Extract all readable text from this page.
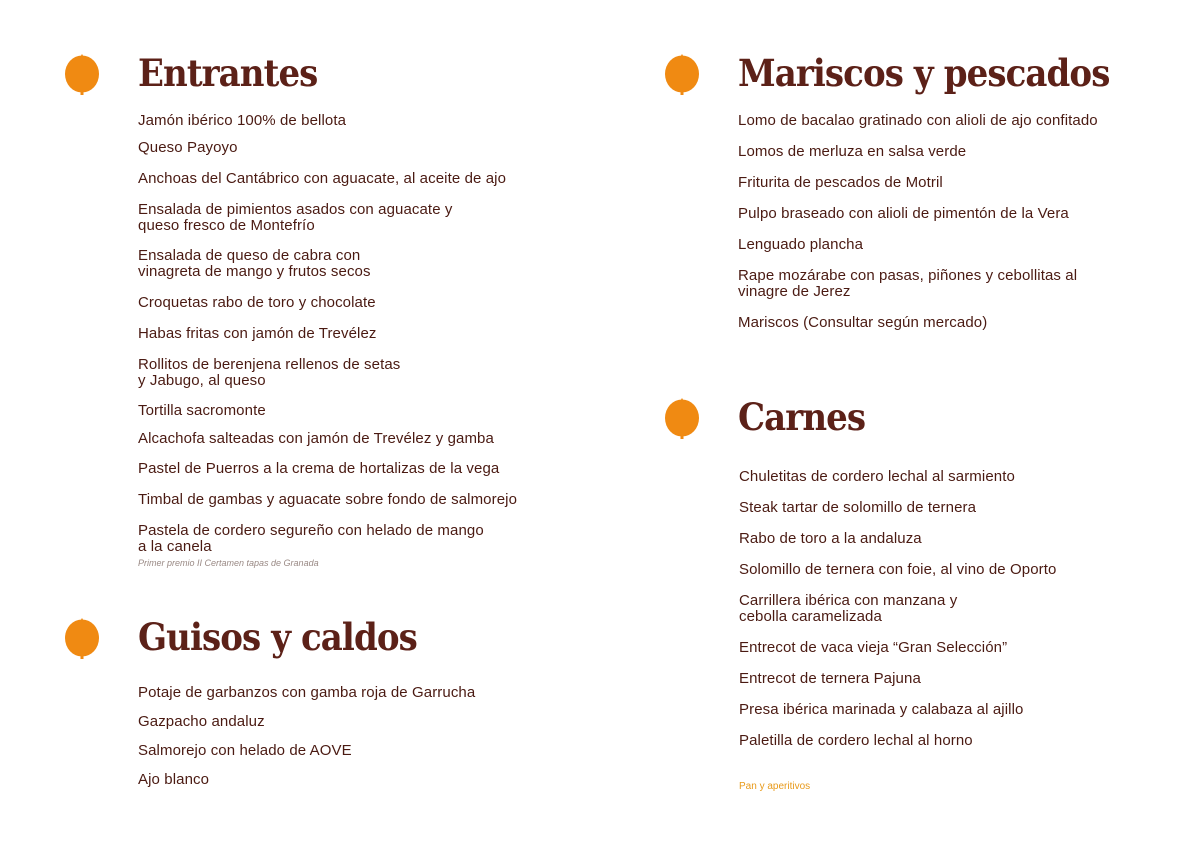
Entrantes
Jamón ibérico 100% de bellota
Queso Payoyo
Anchoas del Cantábrico con aguacate, al aceite de ajo
Ensalada de pimientos asados con aguacate y
queso fresco de Montefrío
Ensalada de queso de cabra con
vinagreta de mango y frutos secos
Croquetas rabo de toro y chocolate
Habas fritas con jamón de Trevélez
Rollitos de berenjena rellenos de setas
y Jabugo, al queso
Tortilla sacromonte
Alcachofa salteadas con jamón de Trevélez y gamba
Pastel de Puerros a la crema de hortalizas de la vega
Timbal de gambas y aguacate sobre fondo de salmorejo
Pastela de cordero segureño con helado de mango
a la canela
Primer premio II Certamen tapas de Granada
Guisos y caldos
Potaje de garbanzos con gamba roja de Garrucha
Gazpacho andaluz
Salmorejo con helado de AOVE
Ajo blanco
Mariscos y pescados
Lomo de bacalao gratinado con alioli de ajo confitado
Lomos de merluza en salsa verde
Friturita de pescados de Motril
Pulpo braseado con alioli de pimentón de la Vera
Lenguado plancha
Rape mozárabe con pasas, piñones y cebollitas al
vinagre de Jerez
Mariscos (Consultar según mercado)
Carnes
Chuletitas de cordero lechal al sarmiento
Steak tartar de solomillo de ternera
Rabo de toro a la andaluza
Solomillo de ternera con foie, al vino de Oporto
Carrillera ibérica con manzana y
cebolla caramelizada
Entrecot de vaca vieja “Gran Selección”
Entrecot de ternera Pajuna
Presa ibérica marinada y calabaza al ajillo
Paletilla de cordero lechal al horno
Pan y aperitivos
